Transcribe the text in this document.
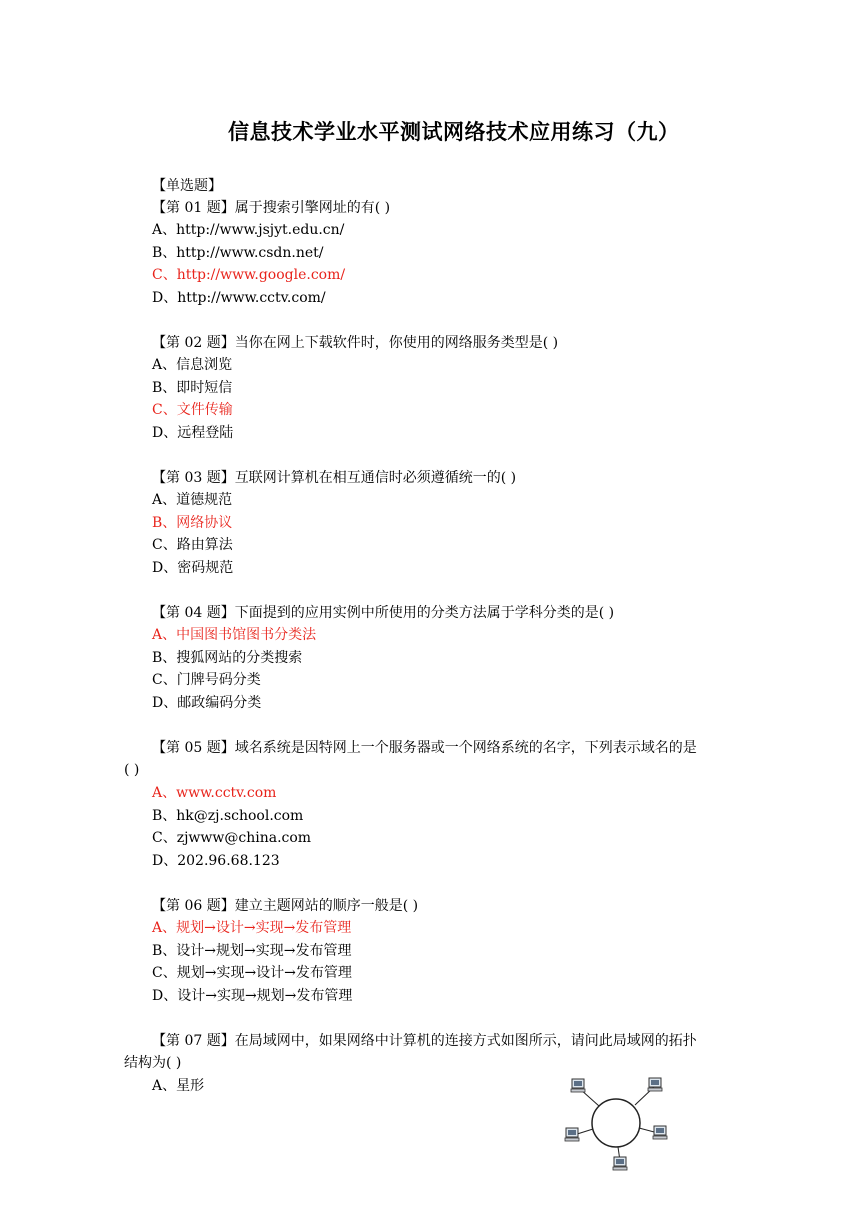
信息技术学业水平测试网络技术应用练习（九）
【单选题】
【第 01 题】属于搜索引擎网址的有( )
A、http://www.jsjyt.edu.cn/
B、http://www.csdn.net/
C、http://www.google.com/
D、http://www.cctv.com/
【第 02 题】当你在网上下载软件时，你使用的网络服务类型是( )
A、信息浏览
B、即时短信
C、文件传输
D、远程登陆
【第 03 题】互联网计算机在相互通信时必须遵循统一的( )
A、道德规范
B、网络协议
C、路由算法
D、密码规范
【第 04 题】下面提到的应用实例中所使用的分类方法属于学科分类的是( )
A、中国图书馆图书分类法
B、搜狐网站的分类搜索
C、门牌号码分类
D、邮政编码分类
【第 05 题】域名系统是因特网上一个服务器或一个网络系统的名字，下列表示域名的是
( )
A、www.cctv.com
B、hk@zj.school.com
C、zjwww@china.com
D、202.96.68.123
【第 06 题】建立主题网站的顺序一般是( )
A、规划→设计→实现→发布管理
B、设计→规划→实现→发布管理
C、规划→实现→设计→发布管理
D、设计→实现→规划→发布管理
【第 07 题】在局域网中，如果网络中计算机的连接方式如图所示，请问此局域网的拓扑
结构为( )
A、星形
